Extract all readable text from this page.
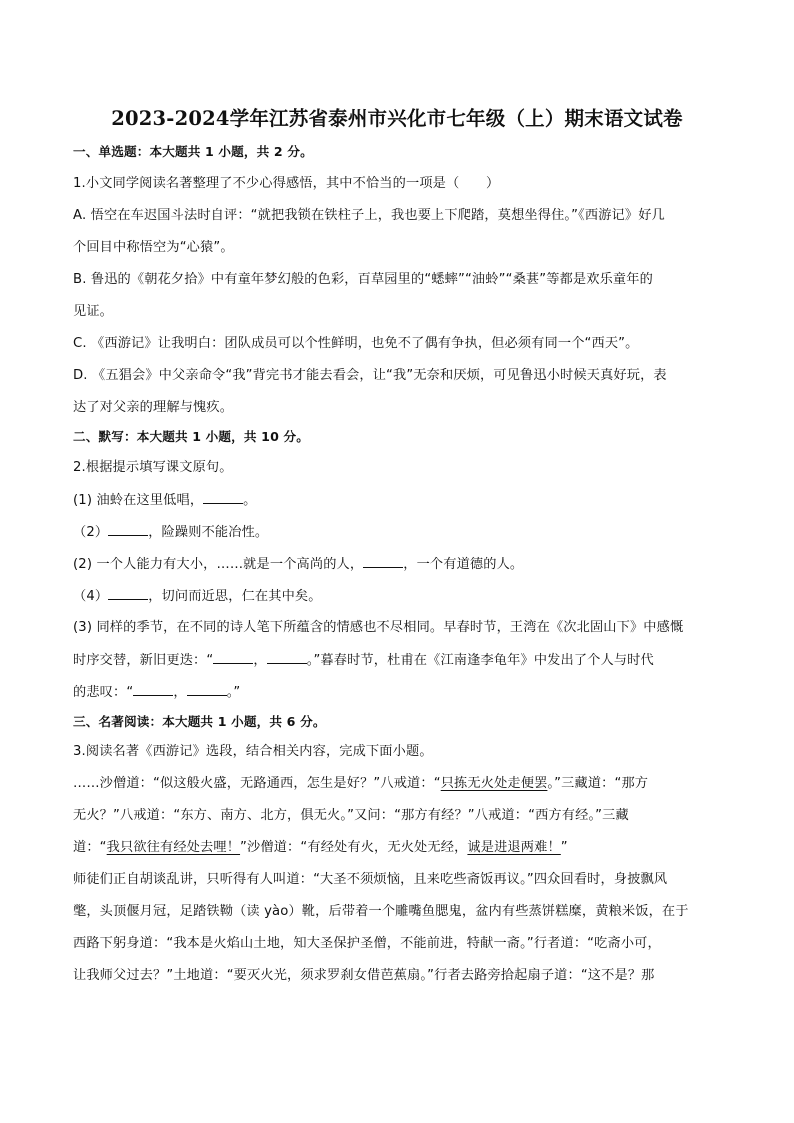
2023-2024学年江苏省泰州市兴化市七年级（上）期末语文试卷
一、单选题：本大题共 1 小题，共 2 分。
1.小文同学阅读名著整理了不少心得感悟，其中不恰当的一项是（　　）
A. 悟空在车迟国斗法时自评：“就把我锁在铁柱子上，我也要上下爬踏，莫想坐得住。”《西游记》好几
个回目中称悟空为“心猿”。
B. 鲁迅的《朝花夕拾》中有童年梦幻般的色彩，百草园里的“蟋蟀”“油蛉”“桑葚”等都是欢乐童年的
见证。
C. 《西游记》让我明白：团队成员可以个性鲜明，也免不了偶有争执，但必须有同一个“西天”。
D. 《五猖会》中父亲命令“我”背完书才能去看会，让“我”无奈和厌烦，可见鲁迅小时候天真好玩，表
达了对父亲的理解与愧疚。
二、默写：本大题共 1 小题，共 10 分。
2.根据提示填写课文原句。
(1) 油蛉在这里低唱，	。
（2）	，险躁则不能冶性。
(2) 一个人能力有大小，……就是一个高尚的人，	，一个有道德的人。
（4）	，切问而近思，仁在其中矣。
(3) 同样的季节，在不同的诗人笔下所蕴含的情感也不尽相同。早春时节，王湾在《次北固山下》中感慨
时序交替，新旧更迭：“	，	。”暮春时节，杜甫在《江南逢李龟年》中发出了个人与时代
的悲叹：“	，	。”
三、名著阅读：本大题共 1 小题，共 6 分。
3.阅读名著《西游记》选段，结合相关内容，完成下面小题。
……沙僧道：“似这般火盛，无路通西，怎生是好？”八戒道：“只拣无火处走便罢。”三藏道：“那方
无火？”八戒道：“东方、南方、北方，俱无火。”又问：“那方有经？”八戒道：“西方有经。”三藏
道：“我只欲往有经处去哩！”沙僧道：“有经处有火，无火处无经，诚是进退两难！”
师徒们正自胡谈乱讲，只听得有人叫道：“大圣不须烦恼，且来吃些斋饭再议。”四众回看时，身披飘风
氅，头顶偃月冠，足踏铁靿（读 yào）靴，后带着一个雕嘴鱼腮鬼，盆内有些蒸饼糕糜，黄粮米饭，在于
西路下躬身道：“我本是火焰山土地，知大圣保护圣僧，不能前进，特献一斋。”行者道：“吃斋小可，
让我师父过去？”土地道：“要灭火光，须求罗刹女借芭蕉扇。”行者去路旁拾起扇子道：“这不是？那
